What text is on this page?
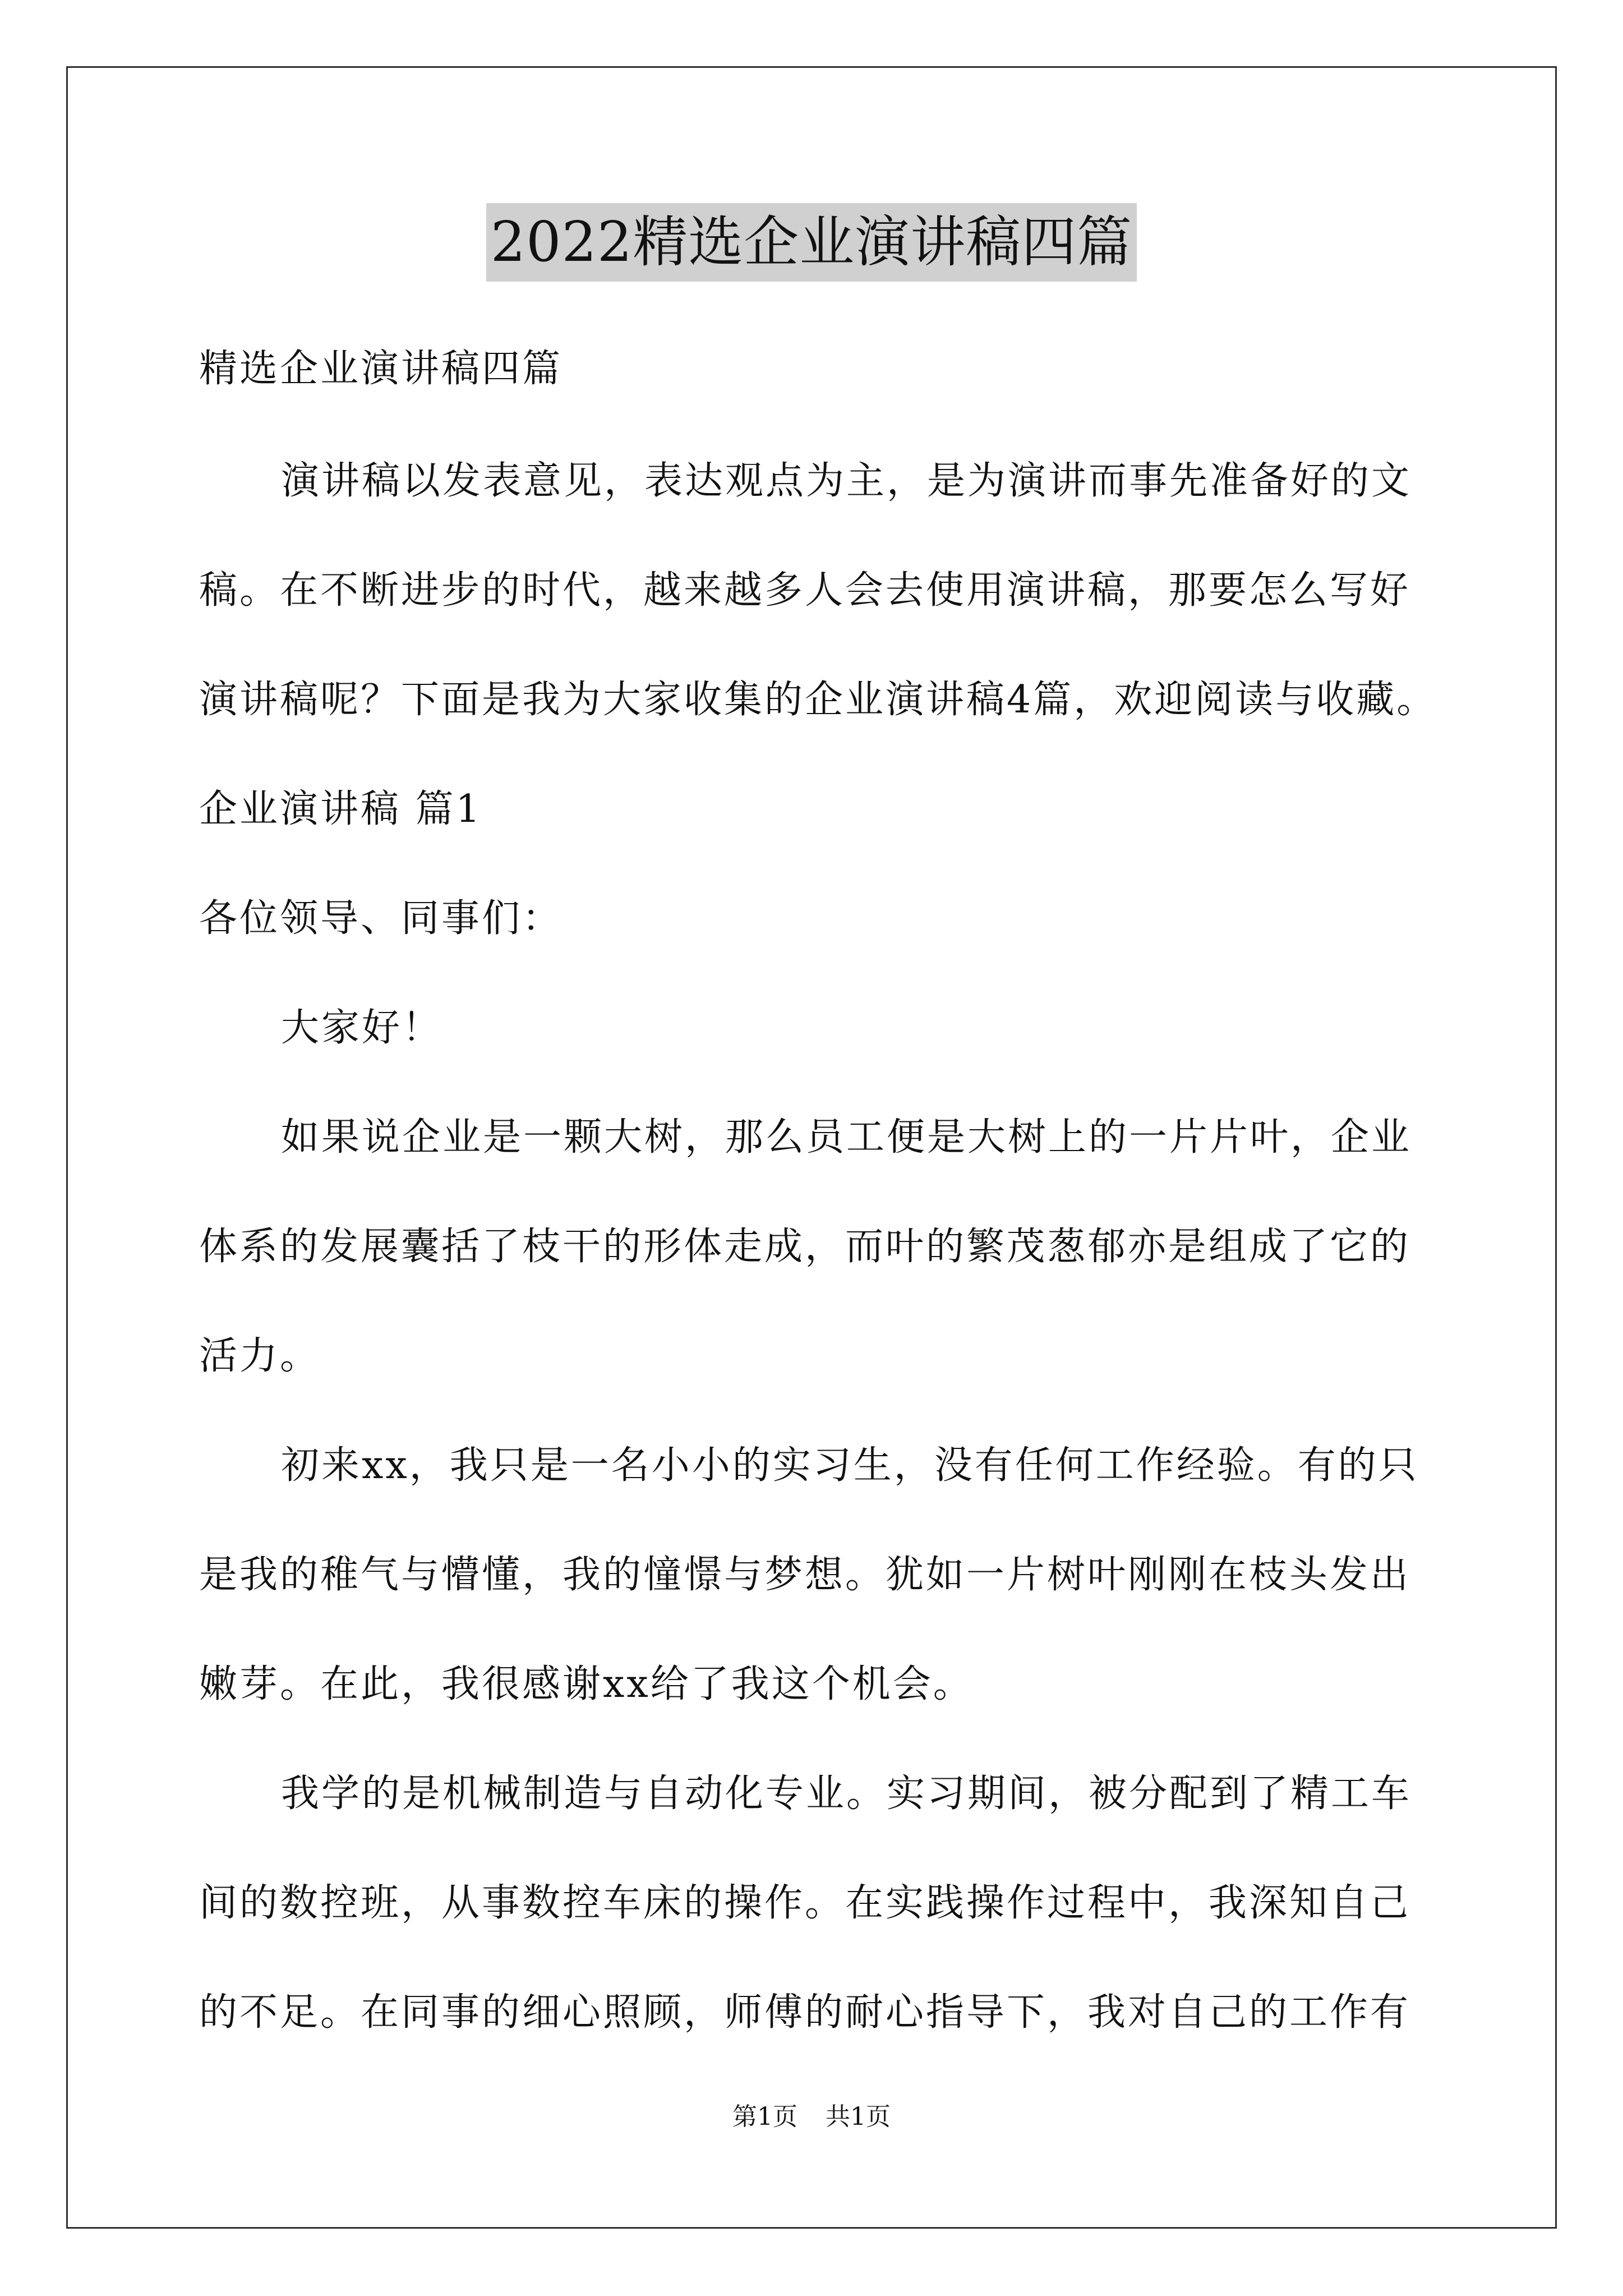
2022精选企业演讲稿四篇
精选企业演讲稿四篇
演讲稿以发表意见，表达观点为主，是为演讲而事先准备好的文
稿。在不断进步的时代，越来越多人会去使用演讲稿，那要怎么写好
演讲稿呢？下面是我为大家收集的企业演讲稿4篇，欢迎阅读与收藏。
企业演讲稿 篇1
各位领导、同事们：
大家好！
如果说企业是一颗大树，那么员工便是大树上的一片片叶，企业
体系的发展囊括了枝干的形体走成，而叶的繁茂葱郁亦是组成了它的
活力。
初来xx，我只是一名小小的实习生，没有任何工作经验。有的只
是我的稚气与懵懂，我的憧憬与梦想。犹如一片树叶刚刚在枝头发出
嫩芽。在此，我很感谢xx给了我这个机会。
我学的是机械制造与自动化专业。实习期间，被分配到了精工车
间的数控班，从事数控车床的操作。在实践操作过程中，我深知自己
的不足。在同事的细心照顾，师傅的耐心指导下，我对自己的工作有
第1页 共1页
